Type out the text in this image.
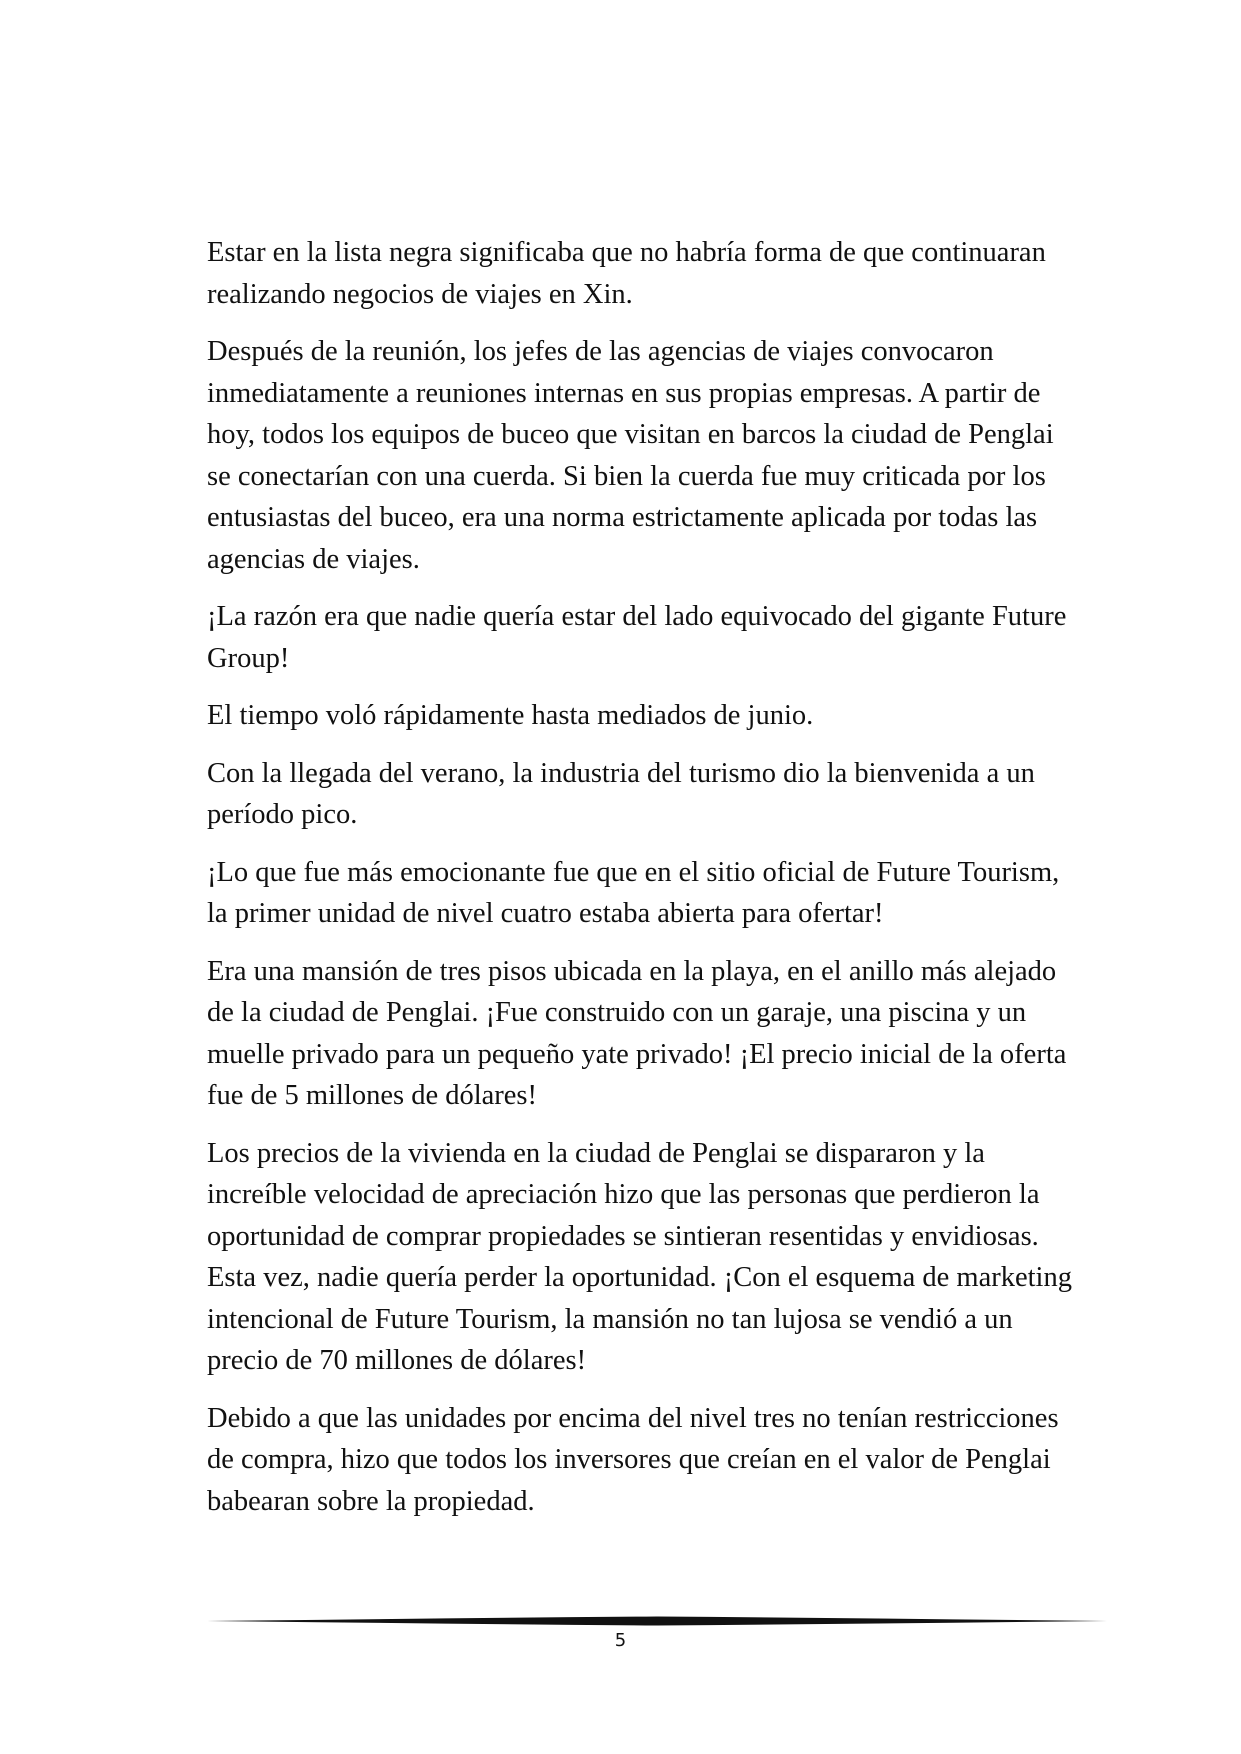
Estar en la lista negra significaba que no habría forma de que continuaran realizando negocios de viajes en Xin.

Después de la reunión, los jefes de las agencias de viajes convocaron inmediatamente a reuniones internas en sus propias empresas. A partir de hoy, todos los equipos de buceo que visitan en barcos la ciudad de Penglai se conectarían con una cuerda. Si bien la cuerda fue muy criticada por los entusiastas del buceo, era una norma estrictamente aplicada por todas las agencias de viajes.

¡La razón era que nadie quería estar del lado equivocado del gigante Future Group!

El tiempo voló rápidamente hasta mediados de junio.

Con la llegada del verano, la industria del turismo dio la bienvenida a un período pico.

¡Lo que fue más emocionante fue que en el sitio oficial de Future Tourism, la primer unidad de nivel cuatro estaba abierta para ofertar!

Era una mansión de tres pisos ubicada en la playa, en el anillo más alejado de la ciudad de Penglai. ¡Fue construido con un garaje, una piscina y un muelle privado para un pequeño yate privado! ¡El precio inicial de la oferta fue de 5 millones de dólares!

Los precios de la vivienda en la ciudad de Penglai se dispararon y la increíble velocidad de apreciación hizo que las personas que perdieron la oportunidad de comprar propiedades se sintieran resentidas y envidiosas. Esta vez, nadie quería perder la oportunidad. ¡Con el esquema de marketing intencional de Future Tourism, la mansión no tan lujosa se vendió a un precio de 70 millones de dólares!

Debido a que las unidades por encima del nivel tres no tenían restricciones de compra, hizo que todos los inversores que creían en el valor de Penglai babearan sobre la propiedad.

5
